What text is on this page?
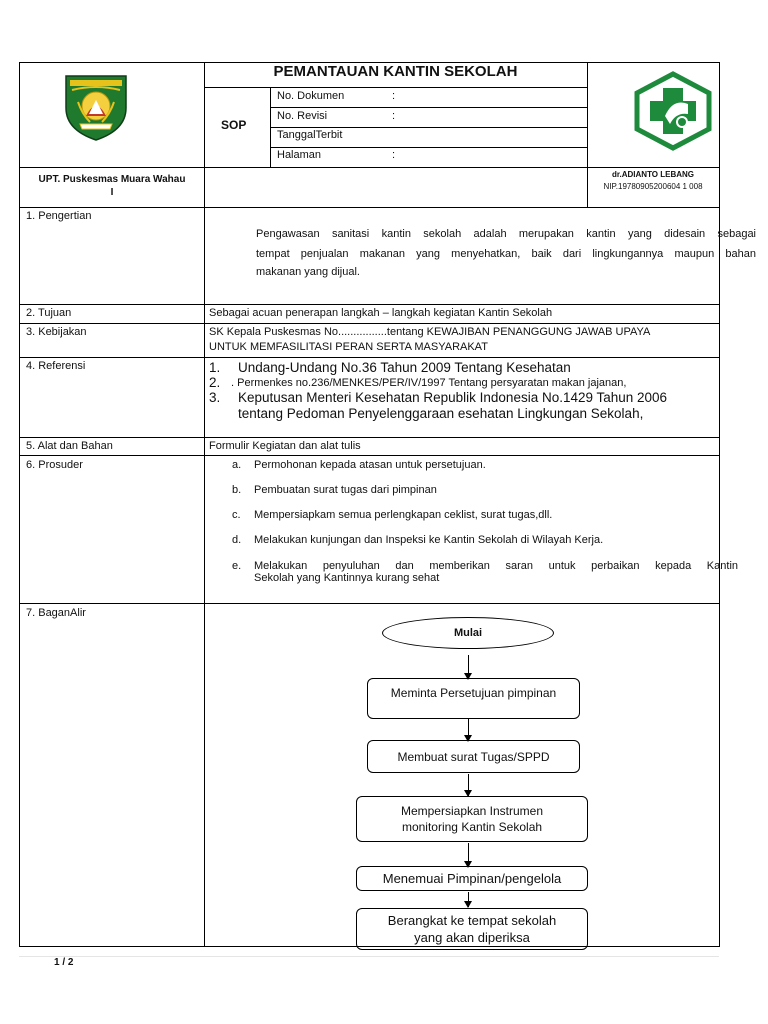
PEMANTAUAN KANTIN SEKOLAH
SOP
No. Dokumen	:
No. Revisi	:
TanggalTerbit
Halaman	:
UPT. Puskesmas Muara Wahau
I
dr.ADIANTO LEBANG
NIP.19780905200604 1 008
1. Pengertian
Pengawasan sanitasi kantin sekolah adalah merupakan kantin yang didesain sebagai
tempat penjualan makanan yang menyehatkan, baik dari lingkungannya maupun bahan
makanan yang dijual.
2. Tujuan	Sebagai acuan penerapan langkah – langkah kegiatan Kantin Sekolah
3. Kebijakan	SK Kepala Puskesmas No................tentang KEWAJIBAN PENANGGUNG JAWAB UPAYA
UNTUK MEMFASILITASI PERAN SERTA MASYARAKAT
4. Referensi	1. Undang-Undang No.36 Tahun 2009 Tentang Kesehatan
2. . Permenkes no.236/MENKES/PER/IV/1997 Tentang persyaratan makan jajanan,
3. Keputusan Menteri Kesehatan Republik Indonesia No.1429 Tahun 2006
tentang Pedoman Penyelenggaraan esehatan Lingkungan Sekolah,
5. Alat dan Bahan	Formulir Kegiatan dan alat tulis
6. Prosuder	a. Permohonan kepada atasan untuk persetujuan.
b. Pembuatan surat tugas dari pimpinan
c. Mempersiapkam semua perlengkapan ceklist, surat tugas,dll.
d. Melakukan kunjungan dan Inspeksi ke Kantin Sekolah di Wilayah Kerja.
e. Melakukan penyuluhan dan memberikan saran untuk perbaikan kepada Kantin
Sekolah yang Kantinnya kurang sehat
7. BaganAlir
Mulai
Meminta Persetujuan pimpinan
Membuat surat Tugas/SPPD
Mempersiapkan Instrumen
monitoring Kantin Sekolah
Menemuai Pimpinan/pengelola
Berangkat ke tempat sekolah
yang akan diperiksa
1 / 2
